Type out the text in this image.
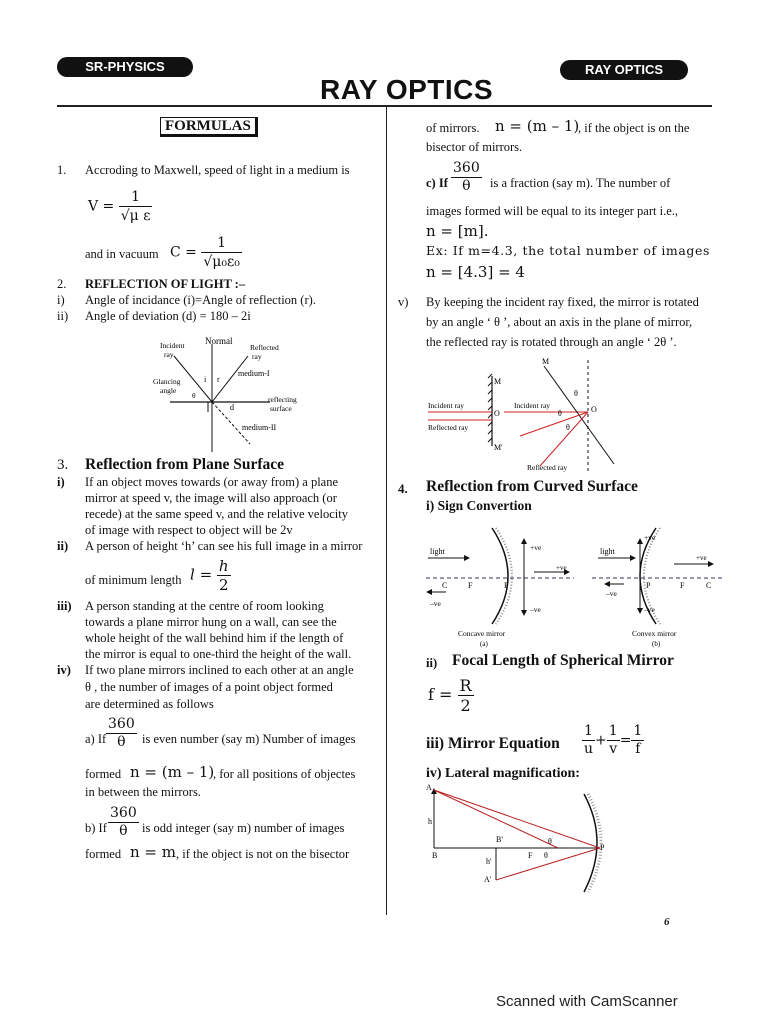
SR-PHYSICS	RAY OPTICS
RAY OPTICS
FORMULAS
1. Accroding to Maxwell, speed of light in a medium is
$V = \frac{1}{\text{√μ ε}}$
and in vacuum $C = \frac{1}{\text{√μ₀ε₀}}$
2. REFLECTION OF LIGHT :–
i) Angle of incidance (i)=Angle of reflection (r).
ii) Angle of deviation (d) = 180 – 2i
Normal
Incident
ray
Reflected
ray
medium-I
Glancing
angle
θ
i r
d
reflecting
surface
medium-II
3. Reflection from Plane Surface
i) If an object moves towards (or away from) a plane
mirror at speed v, the image will also approach (or
recede) at the same speed v, and the relative velocity
of image with respect to object will be 2v
ii) A person of height ‘h’ can see his full image in a mirror
of minimum length $l = \frac{h}{2}$
iii) A person standing at the centre of room looking
towards a plane mirror hung on a wall, can see the
whole height of the wall behind him if the length of
the mirror is equal to one-third the height of the wall.
iv) If two plane mirrors inclined to each other at an angle
θ , the number of images of a point object formed
are determined as follows
a) If $\frac{360}{\theta}$ is even number (say m) Number of images
formed n = (m – 1)
, for all positions of objectes
in between the mirrors.
b) If $\frac{360}{\theta}$ is odd integer (say m) number of images
formed n = m , if the object is not on the bisector
of mirrors. n = (m – 1)
, if the object is on the
bisector of mirrors.
c) If $\frac{360}{\theta}$ is a fraction (say m). The number of
images formed will be equal to its integer part i.e.,
n = [m].
Ex: If m=4.3, the total number of images
n = [4.3] = 4
v) By keeping the incident ray fixed, the mirror is rotated
by an angle ‘ θ ’, about an axis in the plane of mirror,
the reflected ray is rotated through an angle ‘ 2θ ’.
M
M
M'
Incident ray
Reflected ray
Incident ray
O	O
θ
θ
θ
Reflected ray
4. Reflection from Curved Surface
i) Sign Convertion
light	+ve
+ve
–ve
–ve
C	F	P
Concave mirror
(a)
light
+ve
+ve
–ve
–ve
P	F	C
Convex mirror
(b)
ii) Focal Length of Spherical Mirror
$f = \frac{R}{2}$
iii) Mirror Equation $\frac{1}{u} + \frac{1}{v} = \frac{1}{f}$
iv) Lateral magnification:
A
h
B
B'
h'
A'
F
θ
θ
P
6
Scanned with CamScanner
